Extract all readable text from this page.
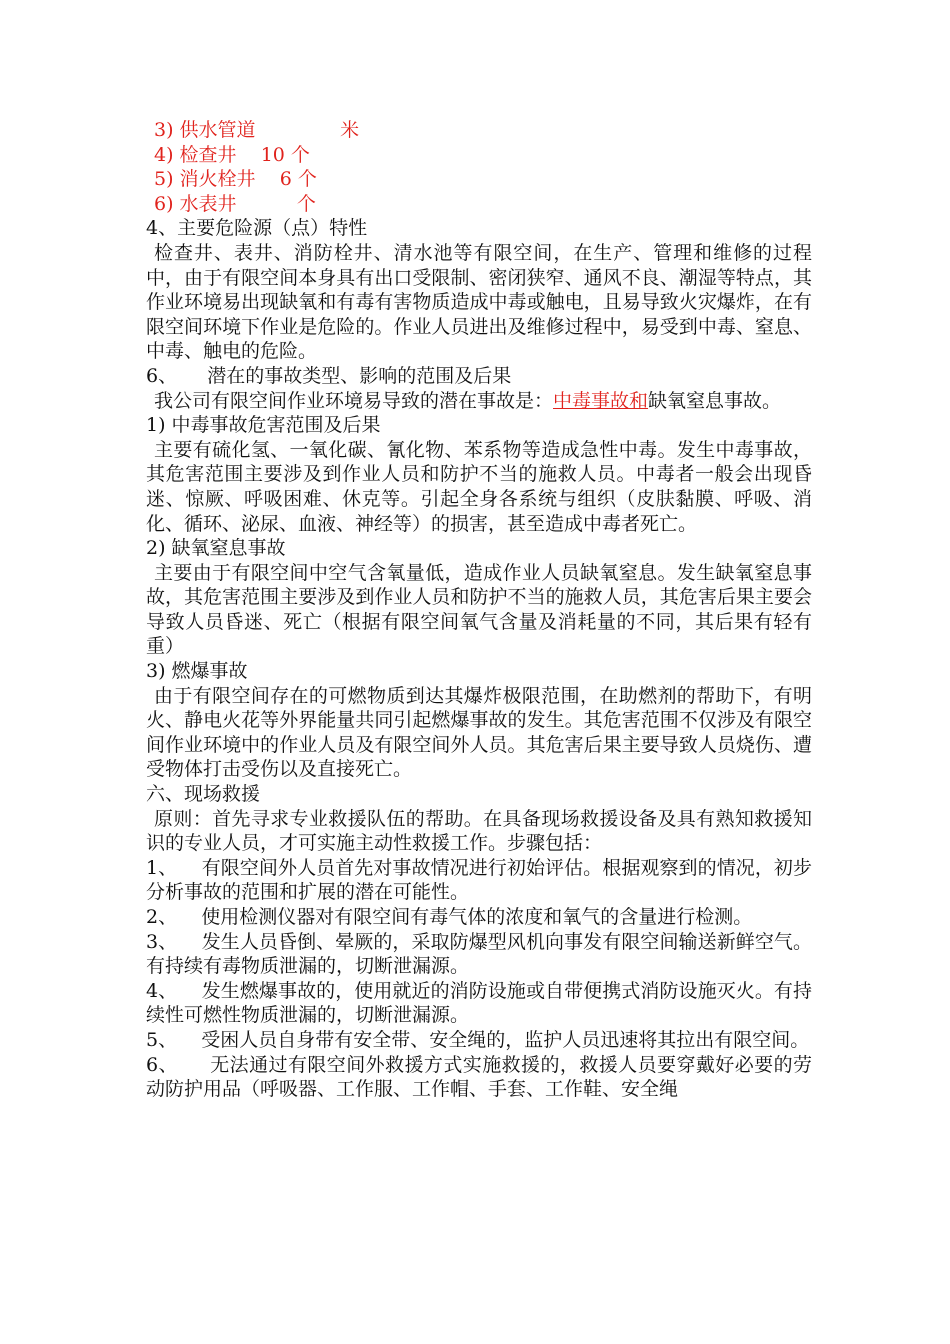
3) 供水管道              米
4) 检查井    10 个
5) 消火栓井    6 个
6) 水表井          个

4、主要危险源（点）特性

检查井、表井、消防栓井、清水池等有限空间，在生产、管理和维修的过程中，由于有限空间本身具有出口受限制、密闭狭窄、通风不良、潮湿等特点，其作业环境易出现缺氧和有毒有害物质造成中毒或触电，且易导致火灾爆炸，在有限空间环境下作业是危险的。作业人员进出及维修过程中，易受到中毒、窒息、中毒、触电的危险。

6、     潜在的事故类型、影响的范围及后果

我公司有限空间作业环境易导致的潜在事故是：中毒事故和缺氧窒息事故。

1) 中毒事故危害范围及后果

主要有硫化氢、一氧化碳、氰化物、苯系物等造成急性中毒。发生中毒事故，其危害范围主要涉及到作业人员和防护不当的施救人员。中毒者一般会出现昏迷、惊厥、呼吸困难、休克等。引起全身各系统与组织（皮肤黏膜、呼吸、消化、循环、泌尿、血液、神经等）的损害，甚至造成中毒者死亡。

2) 缺氧窒息事故

主要由于有限空间中空气含氧量低，造成作业人员缺氧窒息。发生缺氧窒息事故，其危害范围主要涉及到作业人员和防护不当的施救人员，其危害后果主要会导致人员昏迷、死亡（根据有限空间氧气含量及消耗量的不同，其后果有轻有重）

3) 燃爆事故

由于有限空间存在的可燃物质到达其爆炸极限范围，在助燃剂的帮助下，有明火、静电火花等外界能量共同引起燃爆事故的发生。其危害范围不仅涉及有限空间作业环境中的作业人员及有限空间外人员。其危害后果主要导致人员烧伤、遭受物体打击受伤以及直接死亡。

六、现场救援

原则：首先寻求专业救援队伍的帮助。在具备现场救援设备及具有熟知救援知识的专业人员，才可实施主动性救援工作。步骤包括：

1、    有限空间外人员首先对事故情况进行初始评估。根据观察到的情况，初步分析事故的范围和扩展的潜在可能性。

2、    使用检测仪器对有限空间有毒气体的浓度和氧气的含量进行检测。

3、    发生人员昏倒、晕厥的，采取防爆型风机向事发有限空间输送新鲜空气。有持续有毒物质泄漏的，切断泄漏源。

4、    发生燃爆事故的，使用就近的消防设施或自带便携式消防设施灭火。有持续性可燃性物质泄漏的，切断泄漏源。

5、    受困人员自身带有安全带、安全绳的，监护人员迅速将其拉出有限空间。

6、     无法通过有限空间外救援方式实施救援的，救援人员要穿戴好必要的劳动防护用品（呼吸器、工作服、工作帽、手套、工作鞋、安全绳
